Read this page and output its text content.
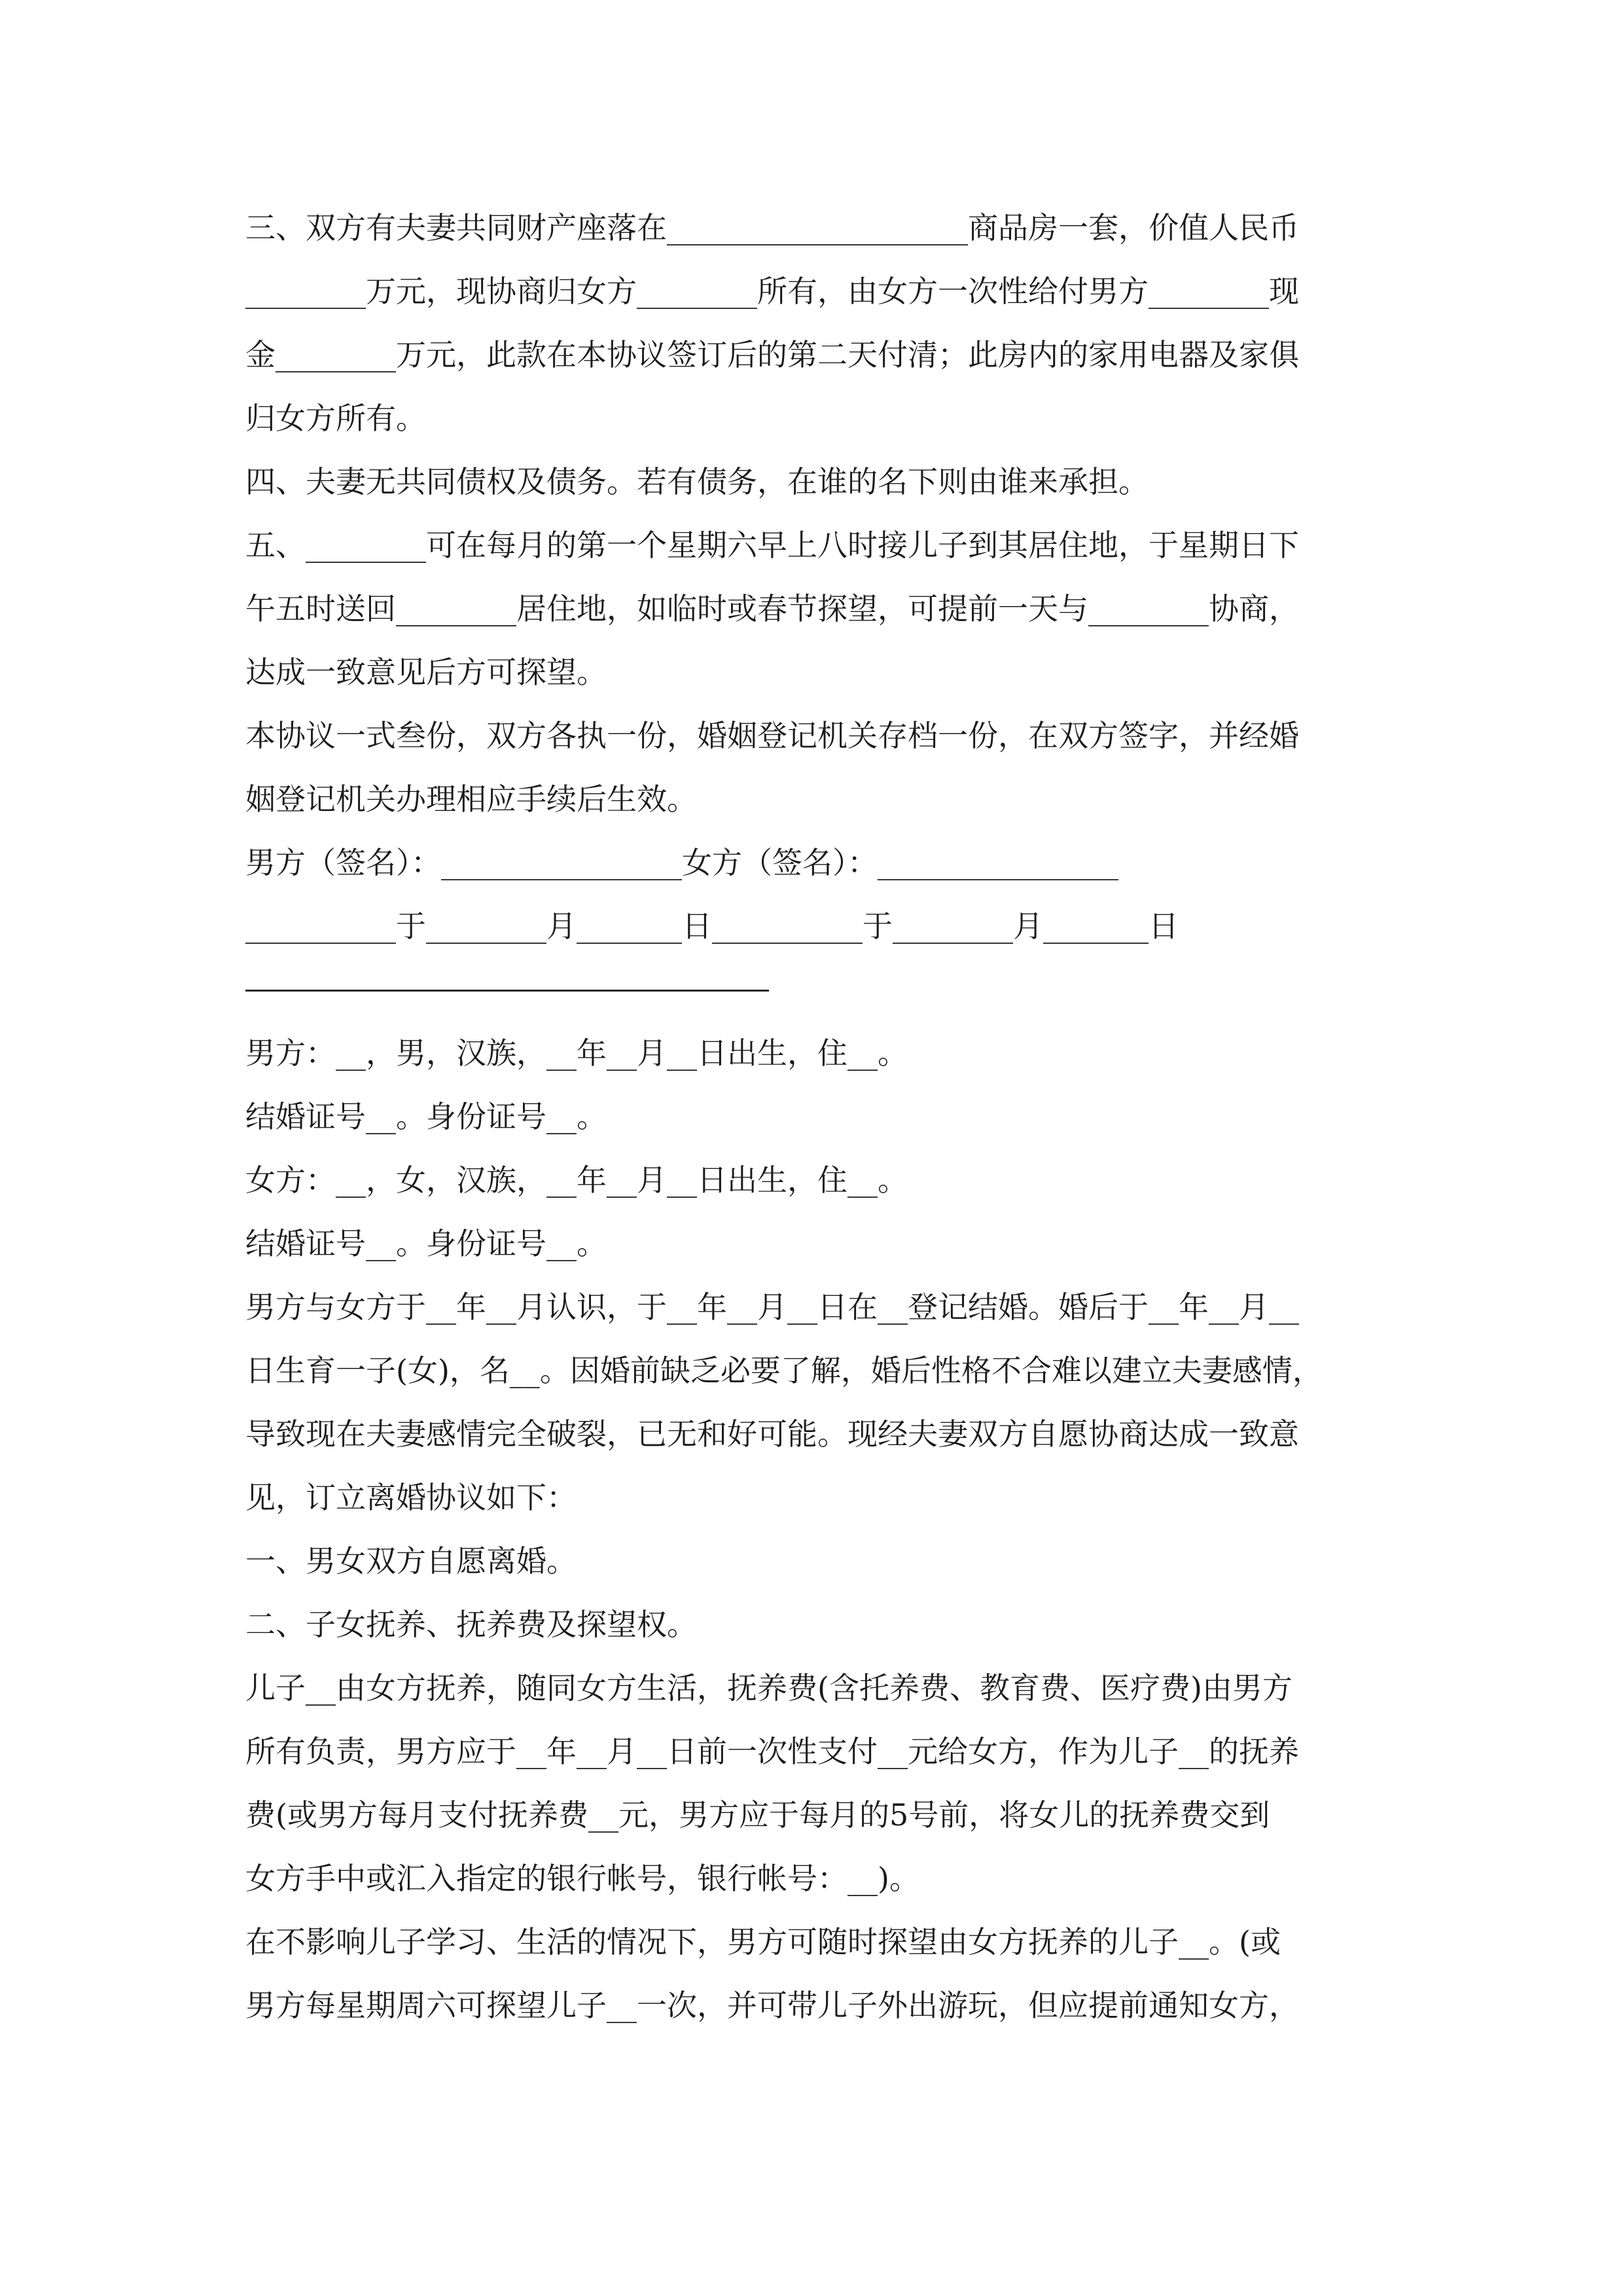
三、双方有夫妻共同财产座落在____________________商品房一套，价值人民币
________万元，现协商归女方________所有，由女方一次性给付男方________现
金________万元，此款在本协议签订后的第二天付清；此房内的家用电器及家俱
归女方所有。
四、夫妻无共同债权及债务。若有债务，在谁的名下则由谁来承担。
五、________可在每月的第一个星期六早上八时接儿子到其居住地，于星期日下
午五时送回________居住地，如临时或春节探望，可提前一天与________协商，
达成一致意见后方可探望。
本协议一式叁份，双方各执一份，婚姻登记机关存档一份，在双方签字，并经婚
姻登记机关办理相应手续后生效。
男方（签名）：________________女方（签名）：________________
__________于________月_______日__________于________月_______日
男方：__，男，汉族，__年__月__日出生，住__。
结婚证号__。身份证号__。
女方：__，女，汉族，__年__月__日出生，住__。
结婚证号__。身份证号__。
男方与女方于__年__月认识，于__年__月__日在__登记结婚。婚后于__年__月__
日生育一子(女)，名__。因婚前缺乏必要了解，婚后性格不合难以建立夫妻感情，
导致现在夫妻感情完全破裂，已无和好可能。现经夫妻双方自愿协商达成一致意
见，订立离婚协议如下：
一、男女双方自愿离婚。
二、子女抚养、抚养费及探望权。
儿子__由女方抚养，随同女方生活，抚养费(含托养费、教育费、医疗费)由男方
所有负责，男方应于__年__月__日前一次性支付__元给女方，作为儿子__的抚养
费(或男方每月支付抚养费__元，男方应于每月的5号前，将女儿的抚养费交到
女方手中或汇入指定的银行帐号，银行帐号：__)。
在不影响儿子学习、生活的情况下，男方可随时探望由女方抚养的儿子__。(或
男方每星期周六可探望儿子__一次，并可带儿子外出游玩，但应提前通知女方，
